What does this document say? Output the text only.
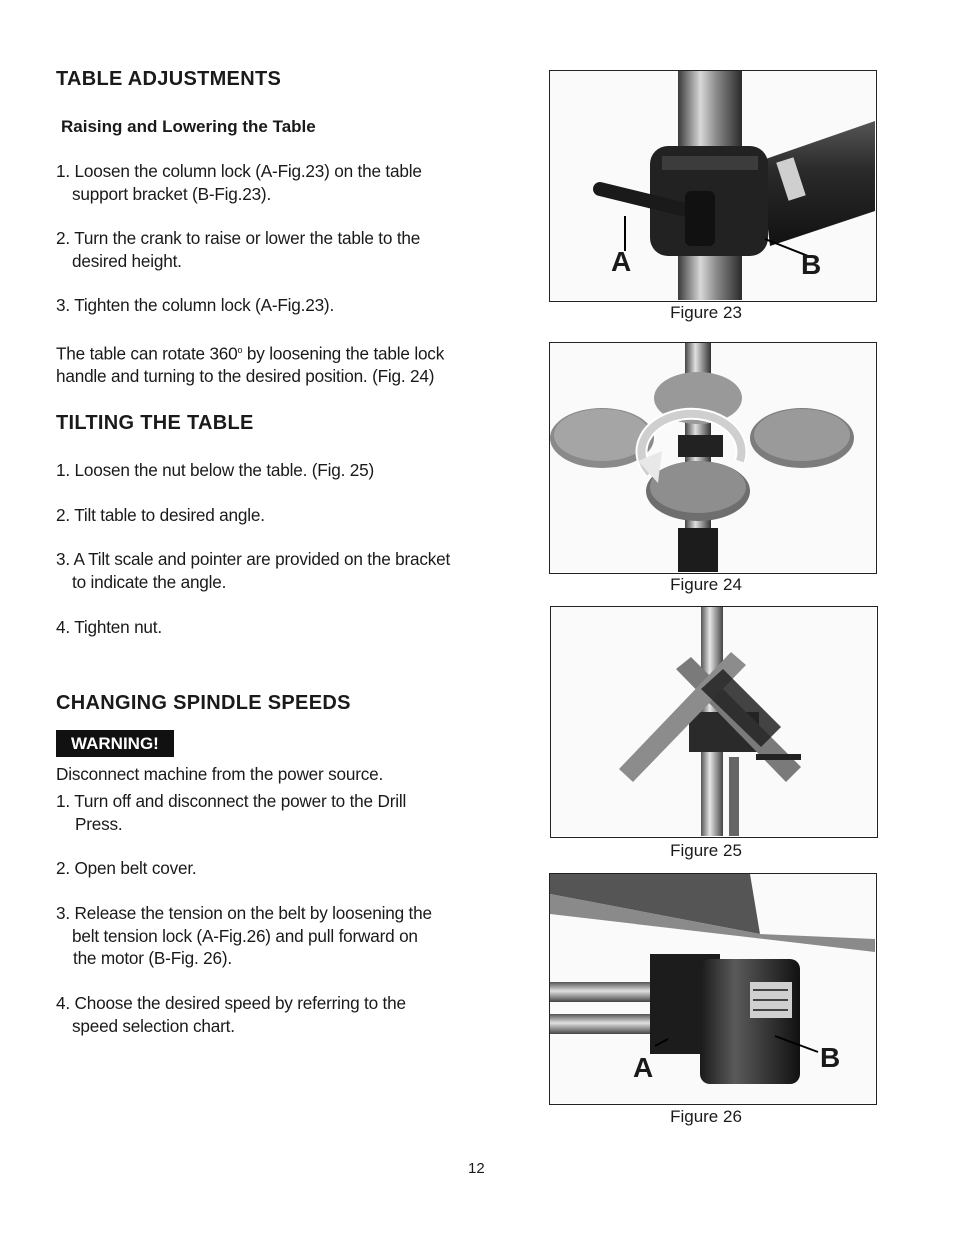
TABLE ADJUSTMENTS
Raising and Lowering the Table
1. Loosen the column lock (A-Fig.23) on the table
support bracket (B-Fig.23).
2. Turn the crank to raise or lower the table to the
desired height.
3. Tighten the column lock (A-Fig.23).
The table can rotate 360$^o$ by loosening the table lock
handle and turning to the desired position. (Fig. 24)
TILTING THE TABLE
1. Loosen the nut below the table. (Fig. 25)
2. Tilt table to desired angle.
3. A Tilt scale and pointer are provided on the bracket
to indicate the angle.
4. Tighten nut.
CHANGING SPINDLE SPEEDS
WARNING!
Disconnect machine from the power source.
1. Turn off and disconnect the power to the Drill
Press.
2. Open belt cover.
3. Release the tension on the belt by loosening the
belt tension lock (A-Fig.26) and pull forward on
the motor (B-Fig. 26).
4. Choose the desired speed by referring to the
speed selection chart.
A	B
Figure 23
Figure 24
Figure 25
A	B
Figure 26
12
